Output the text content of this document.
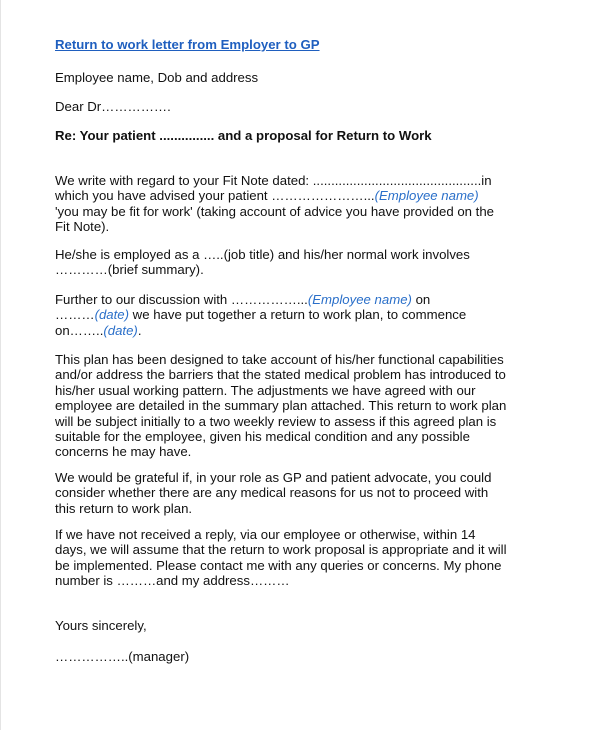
Return to work letter from Employer to GP

Employee name, Dob and address

Dear Dr…………….

Re: Your patient ............... and a proposal for Return to Work

We write with regard to your Fit Note dated: ..............................................in
which you have advised your patient …………………...(Employee name)
'you may be fit for work' (taking account of advice you have provided on the
Fit Note).
He/she is employed as a …..(job title) and his/her normal work involves
…………(brief summary).
Further to our discussion with ……………...(Employee name) on
………(date) we have put together a return to work plan, to commence
on……..(date).
This plan has been designed to take account of his/her functional capabilities
and/or address the barriers that the stated medical problem has introduced to
his/her usual working pattern. The adjustments we have agreed with our
employee are detailed in the summary plan attached. This return to work plan
will be subject initially to a two weekly review to assess if this agreed plan is
suitable for the employee, given his medical condition and any possible
concerns he may have.
We would be grateful if, in your role as GP and patient advocate, you could
consider whether there are any medical reasons for us not to proceed with
this return to work plan.
If we have not received a reply, via our employee or otherwise, within 14
days, we will assume that the return to work proposal is appropriate and it will
be implemented. Please contact me with any queries or concerns. My phone
number is ………and my address………

Yours sincerely,

……………..(manager)
